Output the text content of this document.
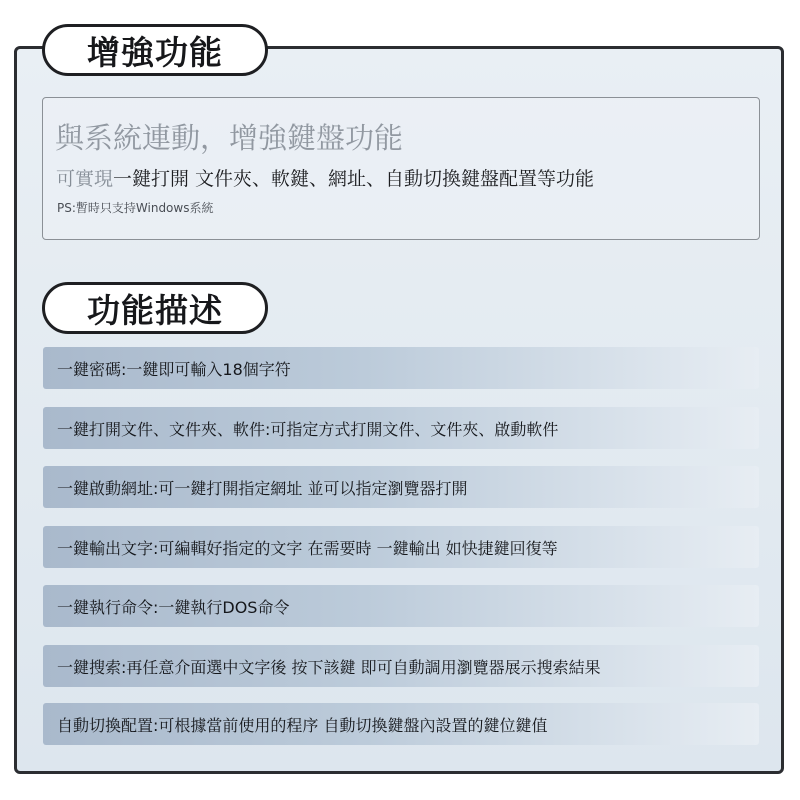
增強功能
與系統連動，增強鍵盤功能
可實現一鍵打開 文件夾、軟鍵、網址、自動切換鍵盤配置等功能
PS:暫時只支持Windows系統
功能描述
一鍵密碼:一鍵即可輸入18個字符
一鍵打開文件、文件夾、軟件:可指定方式打開文件、文件夾、啟動軟件
一鍵啟動網址:可一鍵打開指定網址 並可以指定瀏覽器打開
一鍵輸出文字:可編輯好指定的文字 在需要時 一鍵輸出 如快捷鍵回復等
一鍵執行命令:一鍵執行DOS命令
一鍵搜索:再任意介面選中文字後 按下該鍵 即可自動調用瀏覽器展示搜索結果
自動切換配置:可根據當前使用的程序 自動切換鍵盤內設置的鍵位鍵值
